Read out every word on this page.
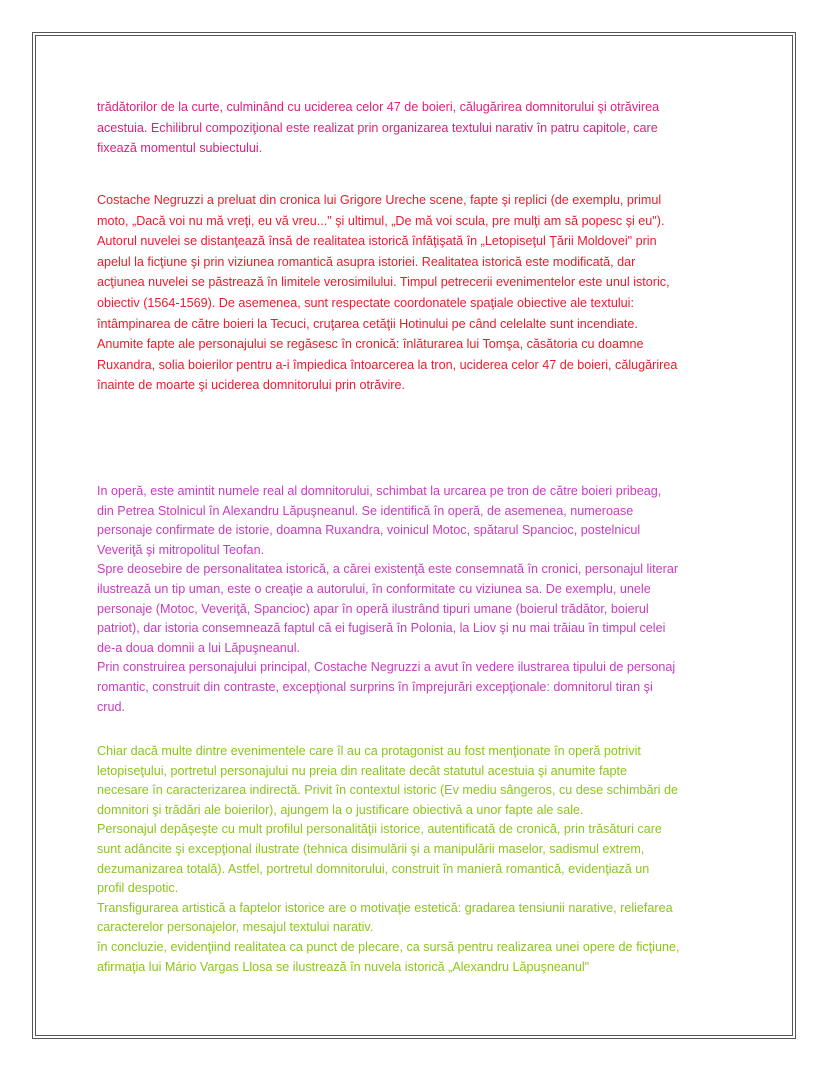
trădătorilor de la curte, culminând cu uciderea celor 47 de boieri, călugărirea domnitorului şi otrăvirea
acestuia. Echilibrul compoziţional este realizat prin organizarea textului narativ în patru capitole, care
fixează momentul subiectului.
Costache Negruzzi a preluat din cronica lui Grigore Ureche scene, fapte şi replici (de exemplu, primul
moto, „Dacă voi nu mă vreţi, eu vă vreu..." şi ultimul, „De mă voi scula, pre mulţi am să popesc şi eu").
Autorul nuvelei se distanţează însă de realitatea istorică înfăţişată în „Letopiseţul Ţării Moldovei" prin
apelul la ficţiune şi prin viziunea romantică asupra istoriei. Realitatea istorică este modificată, dar
acţiunea nuvelei se păstrează în limitele verosimilului. Timpul petrecerii evenimentelor este unul istoric,
obiectiv (1564-1569). De asemenea, sunt respectate coordonatele spaţiale obiective ale textului:
întâmpinarea de către boieri la Tecuci, cruţarea cetăţii Hotinului pe când celelalte sunt incendiate.
Anumite fapte ale personajului se regăsesc în cronică: înlăturarea lui Tomşa, căsătoria cu doamne
Ruxandra, solia boierilor pentru a-i împiedica întoarcerea la tron, uciderea celor 47 de boieri, călugărirea
înainte de moarte şi uciderea domnitorului prin otrăvire.
In operă, este amintit numele real al domnitorului, schimbat la urcarea pe tron de către boieri pribeag,
din Petrea Stolnicul în Alexandru Lăpuşneanul. Se identifică în operă, de asemenea, numeroase
personaje confirmate de istorie, doamna Ruxandra, voinicul Motoc, spătarul Spancioc, postelnicul
Veveriţă şi mitropolitul Teofan.
Spre deosebire de personalitatea istorică, a cărei existenţă este consemnată în cronici, personajul literar
ilustrează un tip uman, este o creaţie a autorului, în conformitate cu viziunea sa. De exemplu, unele
personaje (Motoc, Veveriţă, Spancioc) apar în operă ilustrând tipuri umane (boierul trădător, boierul
patriot), dar istoria consemnează faptul că ei fugiseră în Polonia, la Liov şi nu mai trăiau în timpul celei
de-a doua domnii a lui Lăpuşneanul.
Prin construirea personajului principal, Costache Negruzzi a avut în vedere ilustrarea tipului de personaj
romantic, construit din contraste, excepţional surprins în împrejurări excepţionale: domnitorul tiran şi
crud.
Chiar dacă multe dintre evenimentele care îl au ca protagonist au fost menţionate în operă potrivit
letopiseţului, portretul personajului nu preia din realitate decât statutul acestuia şi anumite fapte
necesare în caracterizarea indirectă. Privit în contextul istoric (Ev mediu sângeros, cu dese schimbări de
domnitori şi trădări ale boierilor), ajungem la o justificare obiectivă a unor fapte ale sale.
Personajul depăşeşte cu mult profilul personalităţii istorice, autentificată de cronică, prin trăsături care
sunt adâncite şi excepţional ilustrate (tehnica disimulării şi a manipulării maselor, sadismul extrem,
dezumanizarea totală). Astfel, portretul domnitorului, construit în manieră romantică, evidenţiază un
profil despotic.
Transfigurarea artistică a faptelor istorice are o motivaţie estetică: gradarea tensiunii narative, reliefarea
caracterelor personajelor, mesajul textului narativ.
în concluzie, evidenţiind realitatea ca punct de plecare, ca sursă pentru realizarea unei opere de ficţiune,
afirmaţia lui Mário Vargas Llosa se ilustrează în nuvela istorică „Alexandru Lăpuşneanul"
